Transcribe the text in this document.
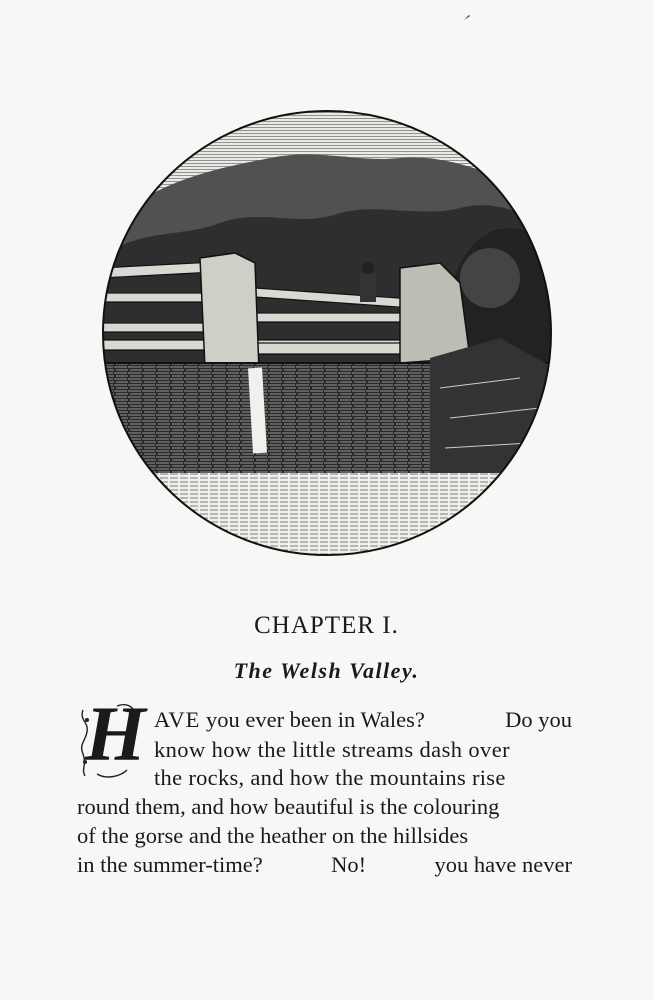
CHAPTER I.
The Welsh Valley.
H AVE you ever been in Wales?	Do you
know how the little streams dash over
the rocks, and how the mountains rise
round them, and how beautiful is the colouring
of the gorse and the heather on the hillsides
in the summer-time?	No!	you have never
